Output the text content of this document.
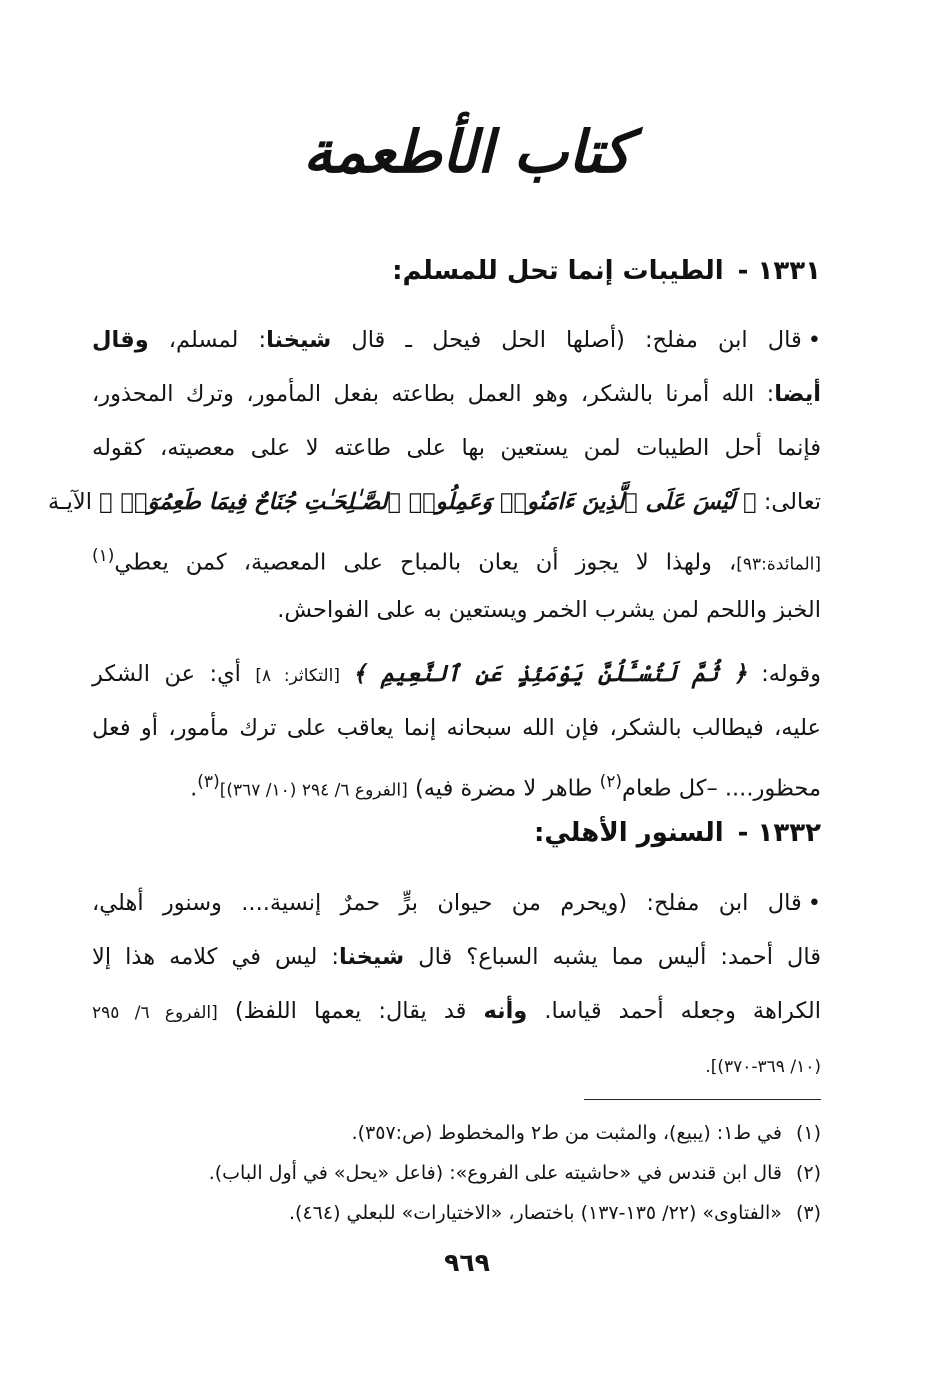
كتاب الأطعمة
١٣٣١ -الطيبات إنما تحل للمسلم:
•قال ابن مفلح: (أصلها الحل فيحل ـ قال شيخنا: لمسلم، وقال
أيضا: الله أمرنا بالشكر، وهو العمل بطاعته بفعل المأمور، وترك المحذور،
فإنما أحل الطيبات لمن يستعين بها على طاعته لا على معصيته، كقوله
تعالى: ﴿ لَيْسَ عَلَى ٱلَّذِينَ ءَامَنُوا۟ وَعَمِلُوا۟ ٱلصَّـٰلِحَـٰتِ جُنَاحٌ فِيمَا طَعِمُوٓا۟ ﴾ الآيـة
[المائدة:٩٣]، ولهذا لا يجوز أن يعان بالمباح على المعصية، كمن يعطي$^{(١)}$
الخبز واللحم لمن يشرب الخمر ويستعين به على الفواحش.
وقوله: ﴿ ثُمَّ لَتُسْـَٔلُنَّ يَوْمَئِذٍ عَنِ ٱلنَّعِيمِ ﴾ [التكاثر: ٨] أي: عن الشكر
عليه، فيطالب بالشكر، فإن الله سبحانه إنما يعاقب على ترك مأمور، أو فعل
محظور.... –كل طعام$^{(٢)}$ طاهر لا مضرة فيه) [الفروع ٦/ ٢٩٤ (١٠/ ٣٦٧)]$^{(٣)}$.
١٣٣٢ -السنور الأهلي:
•قال ابن مفلح: (ويحرم من حيوان برٍّ حمرٌ إنسية.... وسنور أهلي،
قال أحمد: أليس مما يشبه السباع؟ قال شيخنا: ليس في كلامه هذا إلا
الكراهة وجعله أحمد قياسا. وأنه قد يقال: يعمها اللفظ) [الفروع ٦/ ٢٩٥
(١٠/ ٣٦٩-٣٧٠)].
(١)في ط١: (يبيع)، والمثبت من ط٢ والمخطوط (ص:٣٥٧).
(٢)قال ابن قندس في «حاشيته على الفروع»: (فاعل «يحل» في أول الباب).
(٣)«الفتاوى» (٢٢/ ١٣٥-١٣٧) باختصار، «الاختيارات» للبعلي (٤٦٤).
٩٦٩
